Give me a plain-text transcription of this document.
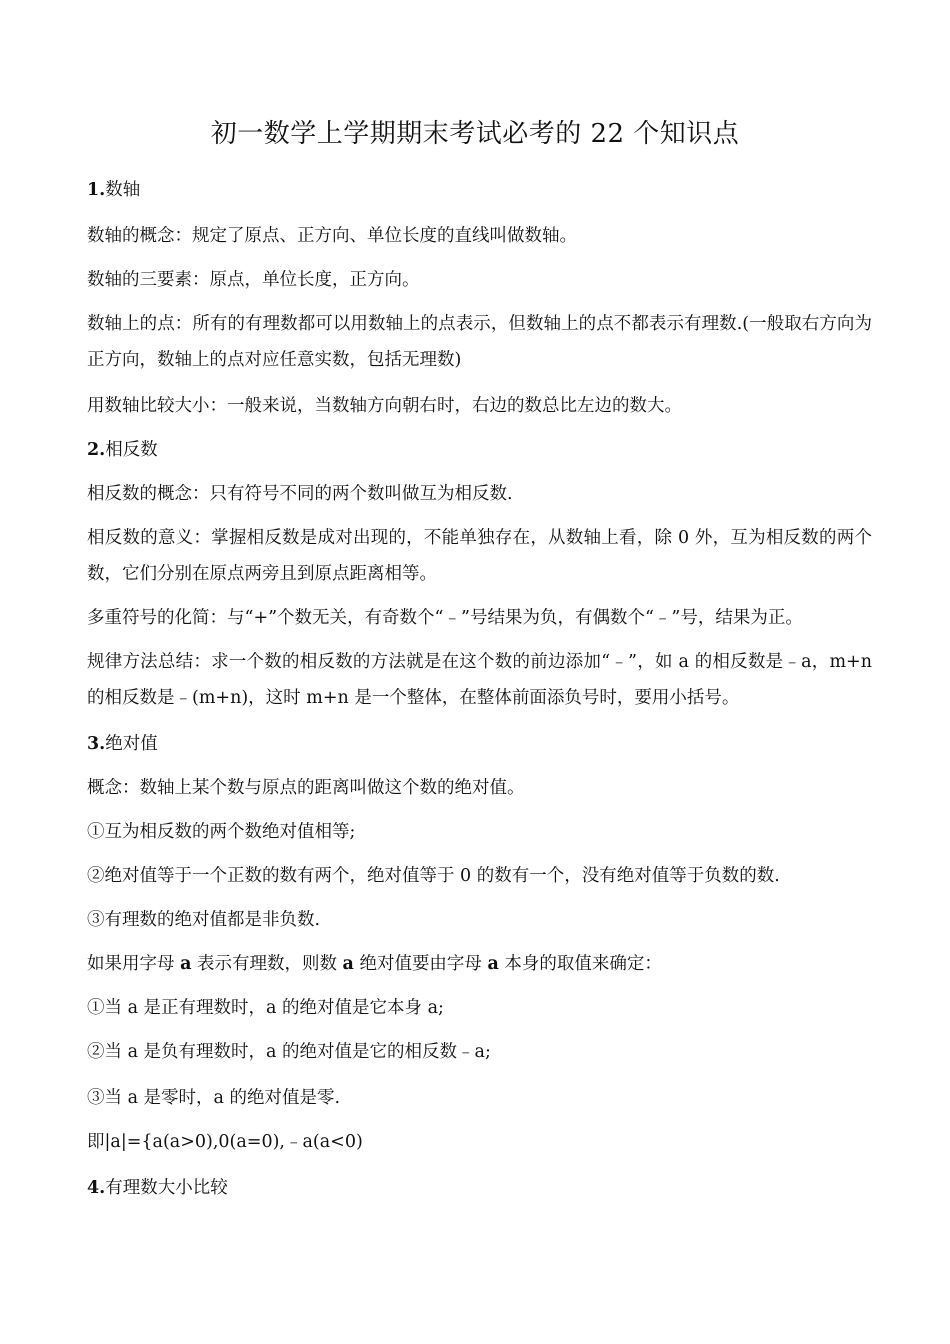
初一数学上学期期末考试必考的 22 个知识点
1.数轴
数轴的概念：规定了原点、正方向、单位长度的直线叫做数轴。
数轴的三要素：原点，单位长度，正方向。
数轴上的点：所有的有理数都可以用数轴上的点表示，但数轴上的点不都表示有理数.(一般取右方向为正方向，数轴上的点对应任意实数，包括无理数)
用数轴比较大小：一般来说，当数轴方向朝右时，右边的数总比左边的数大。
2.相反数
相反数的概念：只有符号不同的两个数叫做互为相反数.
相反数的意义：掌握相反数是成对出现的，不能单独存在，从数轴上看，除 0 外，互为相反数的两个数，它们分别在原点两旁且到原点距离相等。
多重符号的化简：与“+”个数无关，有奇数个“﹣”号结果为负，有偶数个“﹣”号，结果为正。
规律方法总结：求一个数的相反数的方法就是在这个数的前边添加“﹣”，如 a 的相反数是﹣a，m+n 的相反数是﹣(m+n)，这时 m+n 是一个整体，在整体前面添负号时，要用小括号。
3.绝对值
概念：数轴上某个数与原点的距离叫做这个数的绝对值。
①互为相反数的两个数绝对值相等;
②绝对值等于一个正数的数有两个，绝对值等于 0 的数有一个，没有绝对值等于负数的数.
③有理数的绝对值都是非负数.
如果用字母 a 表示有理数，则数 a 绝对值要由字母 a 本身的取值来确定：
①当 a 是正有理数时，a 的绝对值是它本身 a;
②当 a 是负有理数时，a 的绝对值是它的相反数﹣a;
③当 a 是零时，a 的绝对值是零.
即|a|={a(a>0),0(a=0),﹣a(a<0)
4.有理数大小比较
